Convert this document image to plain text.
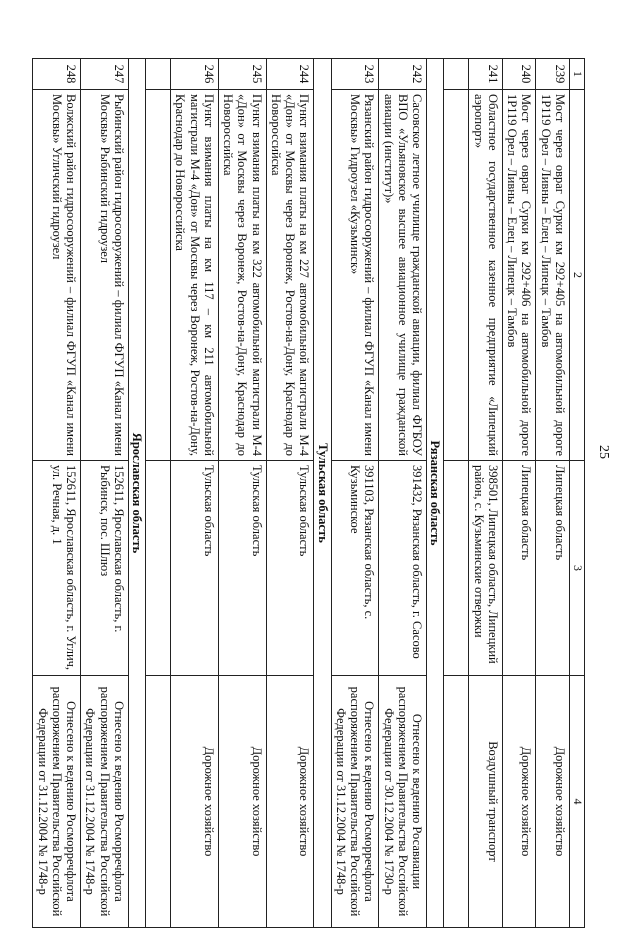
25
1	2	3	4
239	Мост через овраг Сурки км 292+405 на автомобильной дороге 1Р119 Орел – Ливны – Елец – Липецк – Тамбов	Липецкая область	Дорожное хозяйство
240	Мост через овраг Сурки км 292+406 на автомобильной дороге 1Р119 Орел – Ливны – Елец – Липецк – Тамбов	Липецкая область	Дорожное хозяйство
241	Областное государственное казенное предприятие «Липецкий аэропорт»	398501, Липецкая область, Липецкий район, с. Кузьминские отвержки	Воздушный транспорт

Рязанская область			
242	Сасовское летное училище гражданской авиации, филиал ФГБОУ ВПО «Ульяновское высшее авиационное училище гражданской авиации (институт)»	391432, Рязанская область, г. Сасово	Отнесено к ведению Росавиации распоряжением Правительства Российской Федерации от 30.12.2004 № 1730-р
243	Рязанский район гидросооружений – филиал ФГУП «Канал имени Москвы» Гидроузел «Кузьминск»	391103, Рязанская область, с. Кузьминское	Отнесено к ведению Росморречфлота распоряжением Правительства Российской Федерации от 31.12.2004 № 1748-р
Тульская область			
244	Пункт взимания платы на км 227 автомобильной магистрали М-4 «Дон» от Москвы через Воронеж, Ростов-на-Дону, Краснодар до Новороссийска	Тульская область	Дорожное хозяйство
245	Пункт взимания платы на км 322 автомобильной магистрали М-4 «Дон» от Москвы через Воронеж, Ростов-на-Дону, Краснодар до Новороссийска	Тульская область	Дорожное хозяйство
246	Пункт взимания платы на км 117 – км 211 автомобильной магистрали М-4 «Дон» от Москвы через Воронеж, Ростов-на-Дону, Краснодар до Новороссийска	Тульская область	Дорожное хозяйство

Ярославская область			
247	Рыбинский район гидросооружений – филиал ФГУП «Канал имени Москвы» Рыбинский гидроузел	152611, Ярославская область, г. Рыбинск, пос. Шлюз	Отнесено к ведению Росморречфлота распоряжением Правительства Российской Федерации от 31.12.2004 № 1748-р
248	Волжский район гидросооружений – филиал ФГУП «Канал имени Москвы» Угличский гидроузел	152611, Ярославская область, г. Углич, ул. Речная, д. 1	Отнесено к ведению Росморречфлота распоряжением Правительства Российской Федерации от 31.12.2004 № 1748-р
